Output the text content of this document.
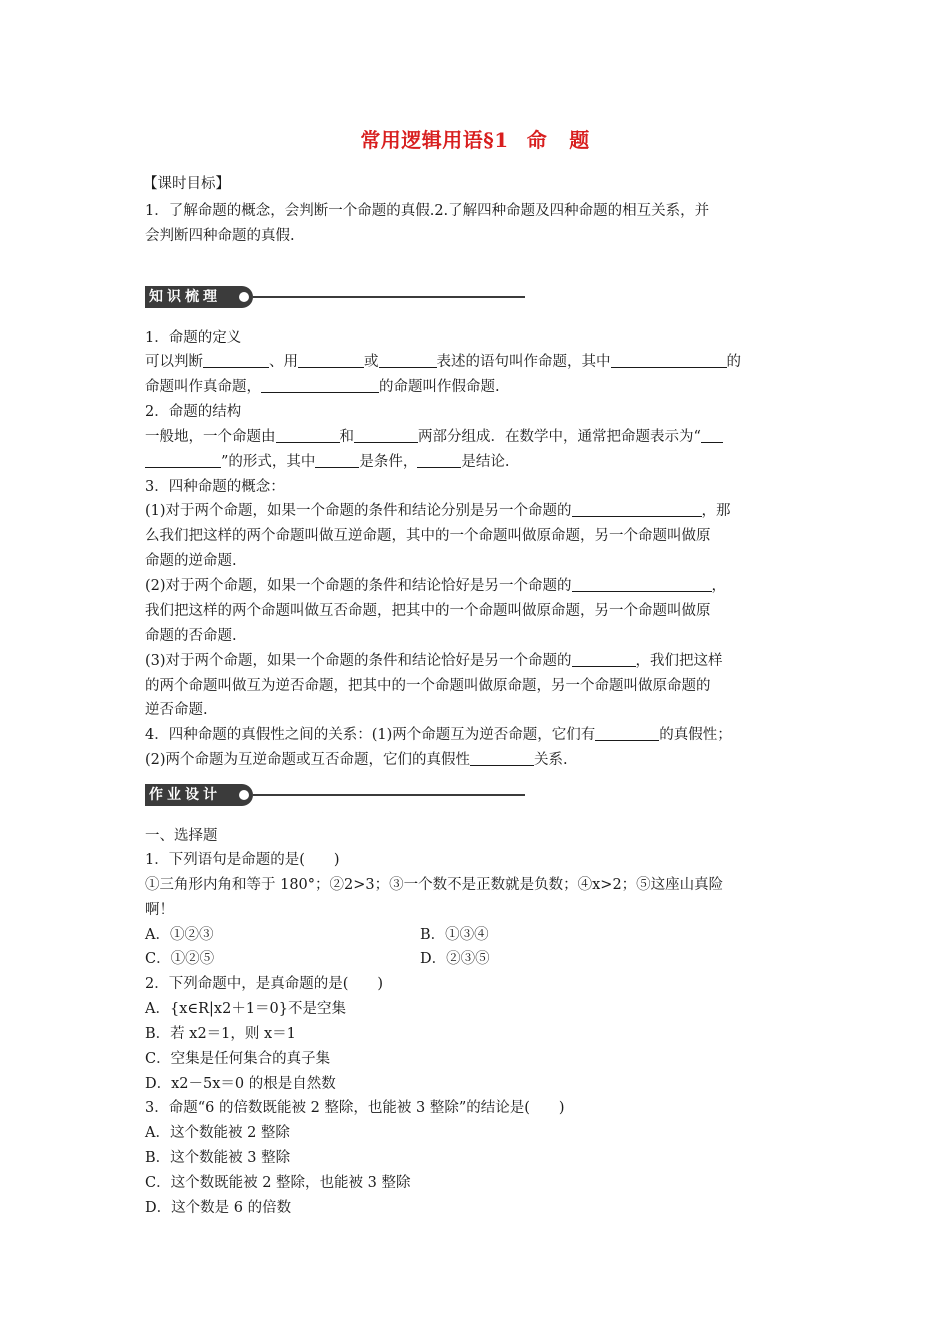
常用逻辑用语§1 命 题
【课时目标】
1．了解命题的概念，会判断一个命题的真假.2.了解四种命题及四种命题的相互关系，并
会判断四种命题的真假.
知识梳理
1．命题的定义
可以判断	、用	或	表述的语句叫作命题，其中	的
命题叫作真命题，	的命题叫作假命题.
2．命题的结构
一般地，一个命题由	和	两部分组成．在数学中，通常把命题表示为“
”的形式，其中	是条件，	是结论.
3．四种命题的概念：
(1)对于两个命题，如果一个命题的条件和结论分别是另一个命题的	，那
么我们把这样的两个命题叫做互逆命题，其中的一个命题叫做原命题，另一个命题叫做原
命题的逆命题.
(2)对于两个命题，如果一个命题的条件和结论恰好是另一个命题的	，
我们把这样的两个命题叫做互否命题，把其中的一个命题叫做原命题，另一个命题叫做原
命题的否命题.
(3)对于两个命题，如果一个命题的条件和结论恰好是另一个命题的	，我们把这样
的两个命题叫做互为逆否命题，把其中的一个命题叫做原命题，另一个命题叫做原命题的
逆否命题.
4．四种命题的真假性之间的关系：(1)两个命题互为逆否命题，它们有	的真假性；
(2)两个命题为互逆命题或互否命题，它们的真假性	关系.
作业设计
一、选择题
1．下列语句是命题的是(　　)
①三角形内角和等于 180°；②2>3；③一个数不是正数就是负数；④x>2；⑤这座山真险
啊！
A．①②③	B．①③④
C．①②⑤	D．②③⑤
2．下列命题中，是真命题的是(　　)
A．{x∈R|x2＋1＝0}不是空集
B．若 x2＝1，则 x＝1
C．空集是任何集合的真子集
D．x2－5x＝0 的根是自然数
3．命题“6 的倍数既能被 2 整除，也能被 3 整除”的结论是(　　)
A．这个数能被 2 整除
B．这个数能被 3 整除
C．这个数既能被 2 整除，也能被 3 整除
D．这个数是 6 的倍数
